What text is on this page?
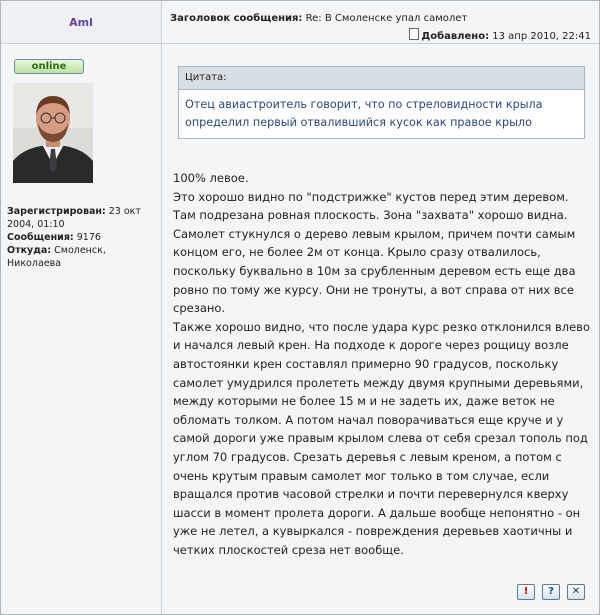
Aml
online
Зарегистрирован: 23 окт 2004, 01:10
Сообщения: 9176
Откуда: Смоленск, Николаева
Заголовок сообщения: Re: В Смоленске упал самолет
Добавлено: 13 апр 2010, 22:41
Цитата:
Отец авиастроитель говорит, что по стреловидности крыла определил первый отвалившийся кусок как правое крыло

100% левое.

Это хорошо видно по "подстрижке" кустов перед этим деревом. Там подрезана ровная плоскость. Зона "захвата" хорошо видна. Самолет стукнулся о дерево левым крылом, причем почти самым концом его, не более 2м от конца. Крыло сразу отвалилось, поскольку буквально в 10м за срубленным деревом есть еще два ровно по тому же курсу. Они не тронуты, а вот справа от них все срезано.

Также хорошо видно, что после удара курс резко отклонился влево и начался левый крен. На подходе к дороге через рощицу возле автостоянки крен составлял примерно 90 градусов, поскольку самолет умудрился пролететь между двумя крупными деревьями, между которыми не более 15 м и не задеть их, даже веток не обломать толком. А потом начал поворачиваться еще круче и у самой дороги уже правым крылом слева от себя срезал тополь под углом 70 градусов. Срезать деревья с левым креном, а потом с очень крутым правым самолет мог только в том случае, если вращался против часовой стрелки и почти перевернулся кверху шасси в момент пролета дороги. А дальше вообще непонятно - он уже не летел, а кувыркался - повреждения деревьев хаотичны и четких плоскостей среза нет вообще.

!	?	✕
